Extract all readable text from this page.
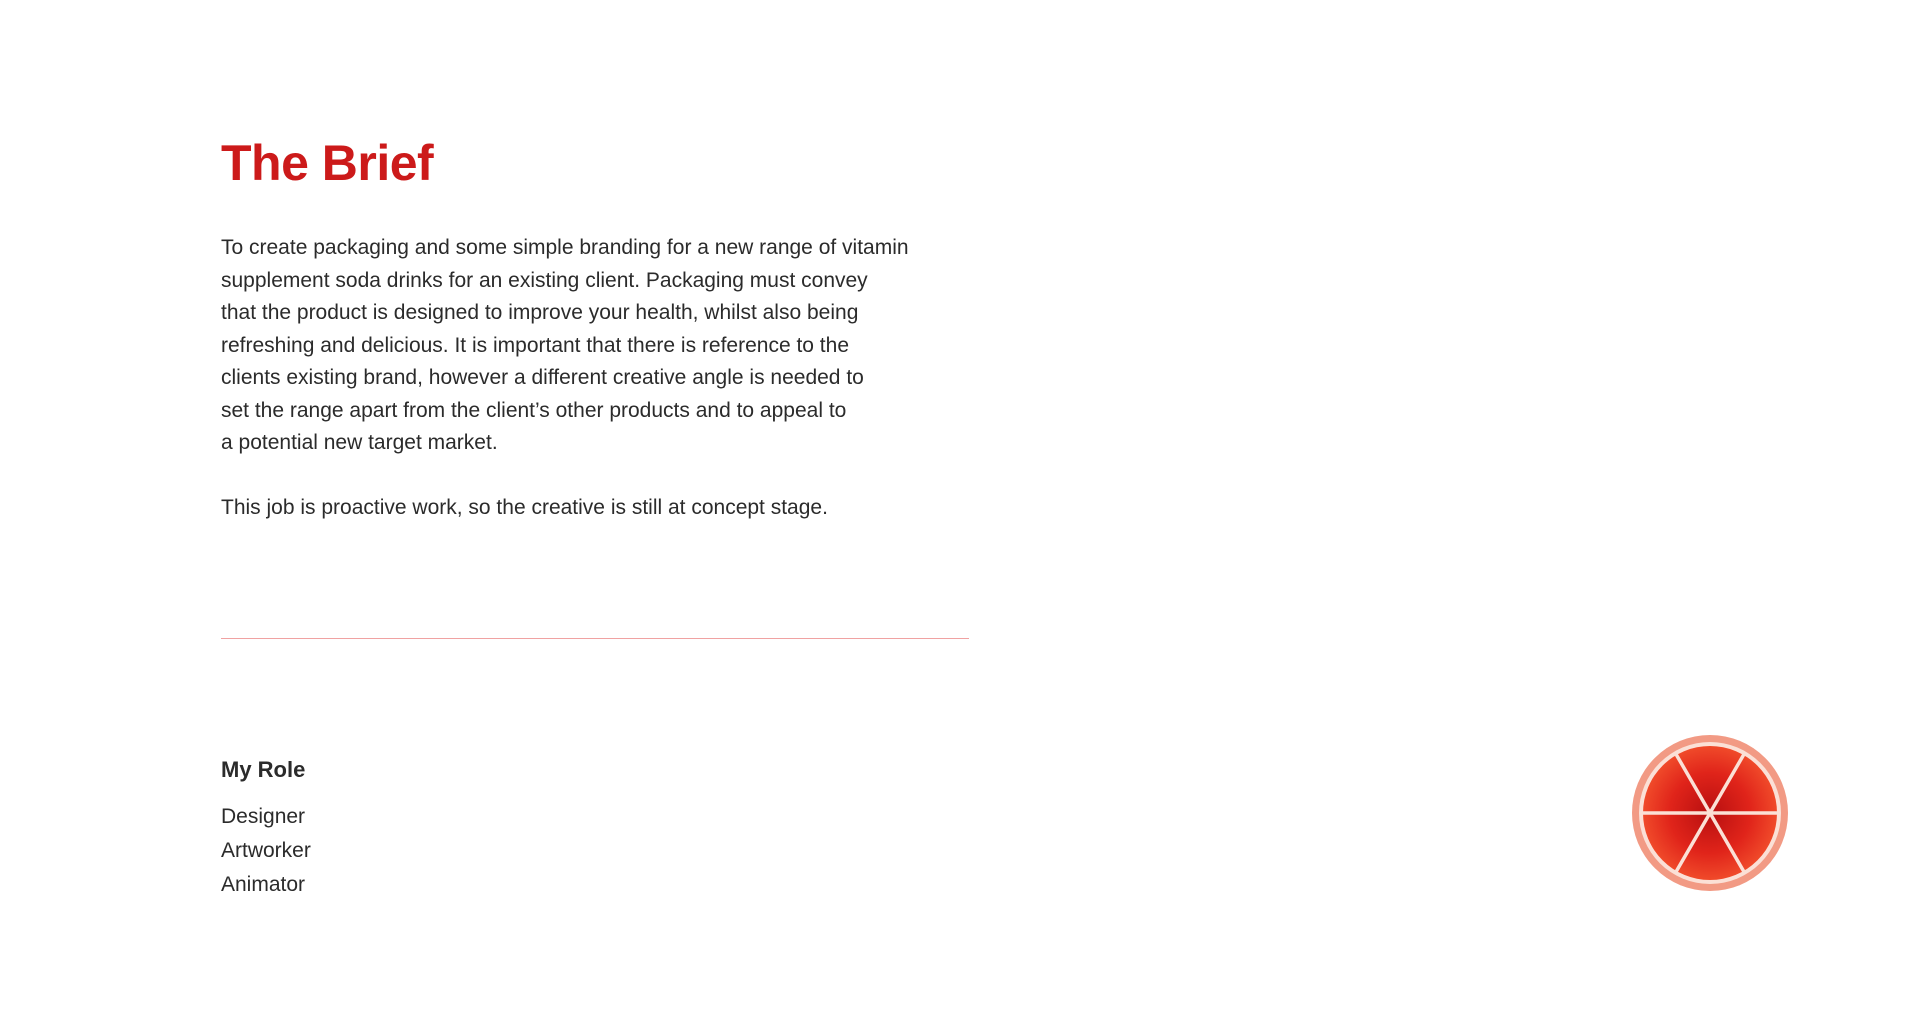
The Brief
To create packaging and some simple branding for a new range of vitamin
supplement soda drinks for an existing client. Packaging must convey
that the product is designed to improve your health, whilst also being
refreshing and delicious. It is important that there is reference to the
clients existing brand, however a different creative angle is needed to
set the range apart from the client’s other products and to appeal to
a potential new target market.
This job is proactive work, so the creative is still at concept stage.
My Role
Designer
Artworker
Animator
